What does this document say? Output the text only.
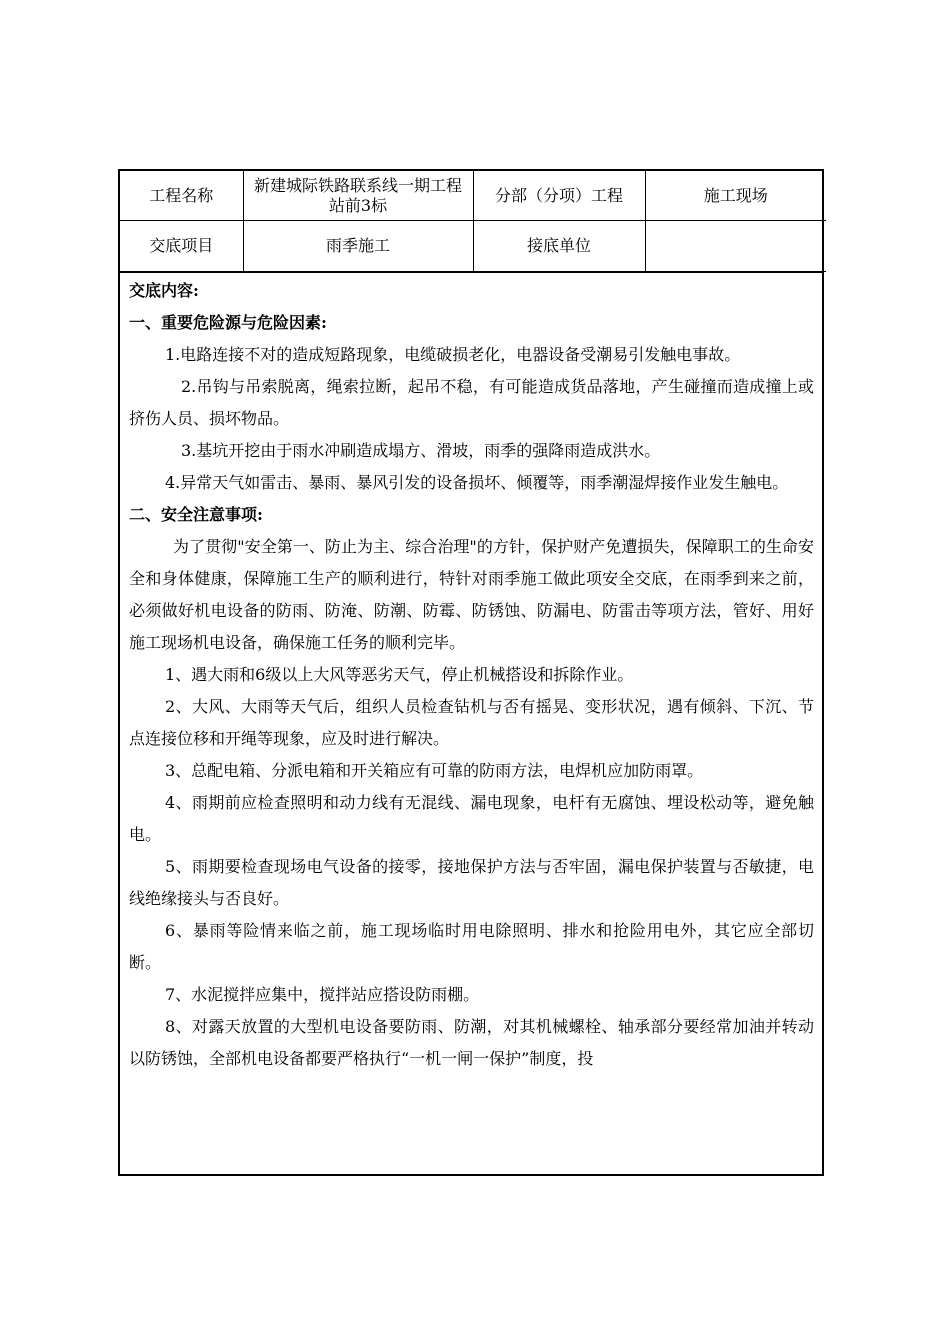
工程名称	新建城际铁路联系线一期工程站前3标	分部（分项）工程	施工现场
交底项目	雨季施工	接底单位	

交底内容:

一、重要危险源与危险因素:

1.电路连接不对的造成短路现象，电缆破损老化，电器设备受潮易引发触电事故。

2.吊钩与吊索脱离，绳索拉断，起吊不稳，有可能造成货品落地，产生碰撞而造成撞上或挤伤人员、损坏物品。

3.基坑开挖由于雨水冲刷造成塌方、滑坡，雨季的强降雨造成洪水。

4.异常天气如雷击、暴雨、暴风引发的设备损坏、倾覆等，雨季潮湿焊接作业发生触电。

二、安全注意事项:

为了贯彻"安全第一、防止为主、综合治理"的方针，保护财产免遭损失，保障职工的生命安全和身体健康，保障施工生产的顺利进行，特针对雨季施工做此项安全交底，在雨季到来之前，必须做好机电设备的防雨、防淹、防潮、防霉、防锈蚀、防漏电、防雷击等项方法，管好、用好施工现场机电设备，确保施工任务的顺利完毕。

1、遇大雨和6级以上大风等恶劣天气，停止机械搭设和拆除作业。

2、大风、大雨等天气后，组织人员检查钻机与否有摇晃、变形状况，遇有倾斜、下沉、节点连接位移和开绳等现象，应及时进行解决。

3、总配电箱、分派电箱和开关箱应有可靠的防雨方法，电焊机应加防雨罩。

4、雨期前应检查照明和动力线有无混线、漏电现象，电杆有无腐蚀、埋设松动等，避免触电。

5、雨期要检查现场电气设备的接零，接地保护方法与否牢固，漏电保护装置与否敏捷，电线绝缘接头与否良好。

6、暴雨等险情来临之前，施工现场临时用电除照明、排水和抢险用电外，其它应全部切断。

7、水泥搅拌应集中，搅拌站应搭设防雨棚。

8、对露天放置的大型机电设备要防雨、防潮，对其机械螺栓、轴承部分要经常加油并转动以防锈蚀，全部机电设备都要严格执行“一机一闸一保护”制度，投
